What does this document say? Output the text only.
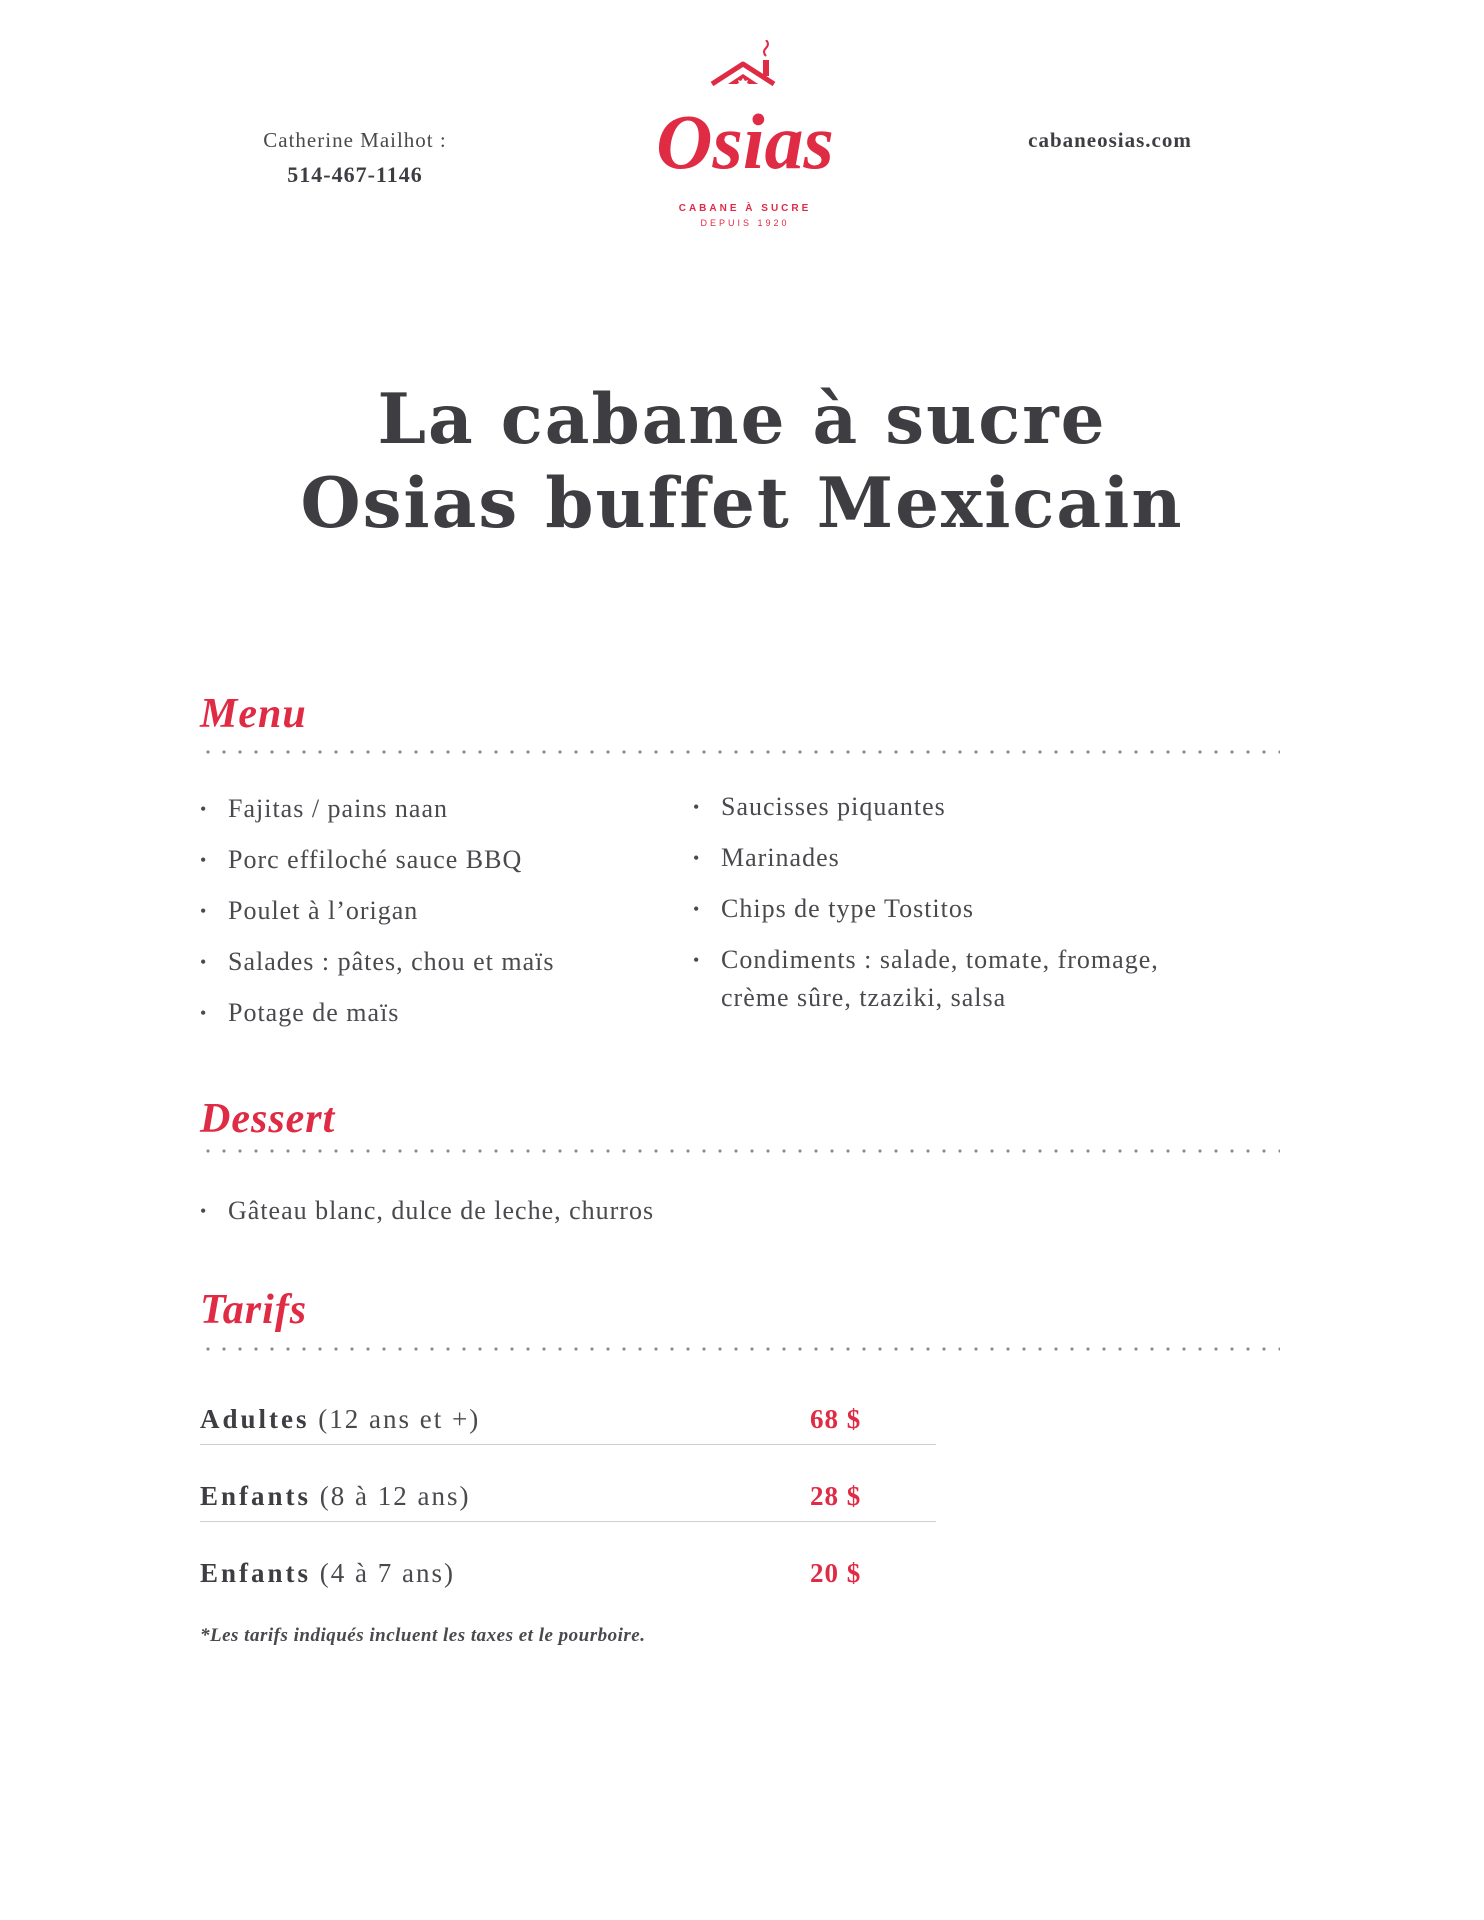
Catherine Mailhot :
514-467-1146
cabaneosias.com
Osias
CABANE À SUCRE
DEPUIS 1920
La cabane à sucre
Osias buffet Mexicain
Menu
• Fajitas / pains naan
• Porc effiloché sauce BBQ
• Poulet à l’origan
• Salades : pâtes, chou et maïs
• Potage de maïs
• Saucisses piquantes
• Marinades
• Chips de type Tostitos
• Condiments : salade, tomate, fromage, crème sûre, tzaziki, salsa
Dessert
• Gâteau blanc, dulce de leche, churros
Tarifs
Adultes (12 ans et +)	68 $
Enfants (8 à 12 ans)	28 $
Enfants (4 à 7 ans)	20 $
*Les tarifs indiqués incluent les taxes et le pourboire.
